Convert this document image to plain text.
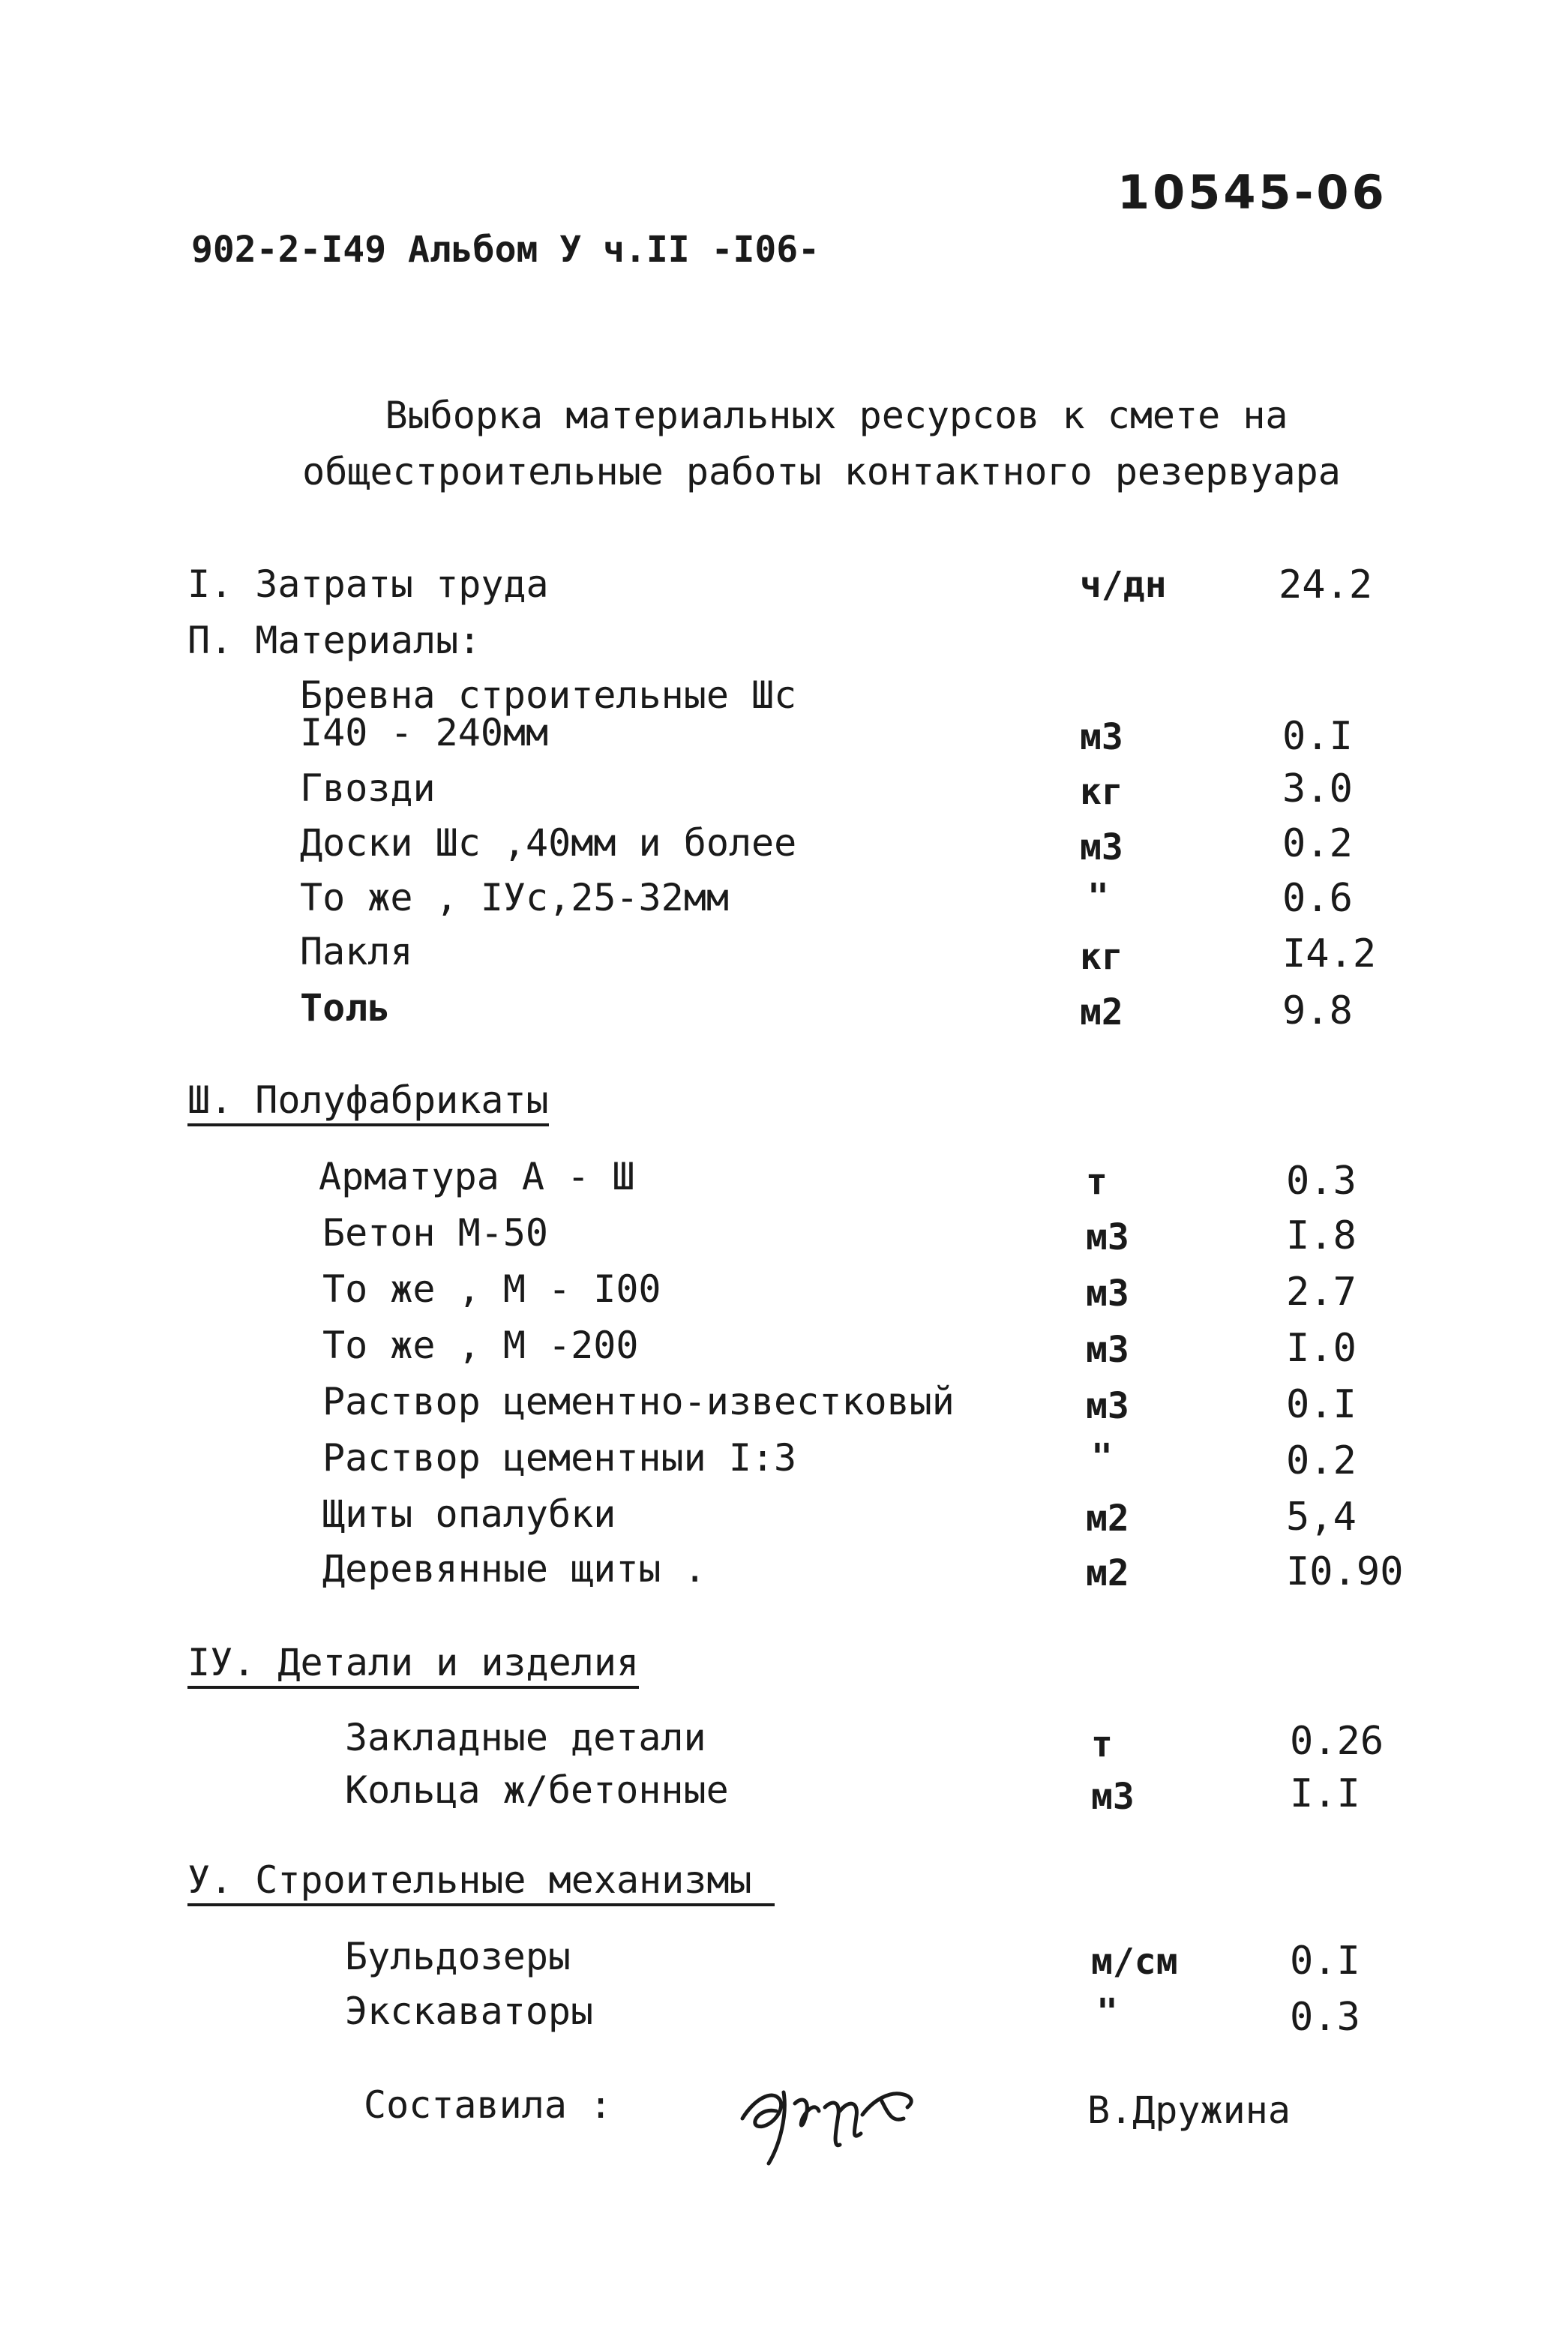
10545-06
902-2-I49 Альбом У ч.II -I06-
Выборка материальных ресурсов к смете на
общестроительные работы контактного резервуара
I. Затраты труда	ч/дн	24.2
П. Материалы:
Бревна строительные Шс
I40 - 240мм	м3	0.I
Гвозди	кг	3.0
Доски Шс ,40мм и более	м3	0.2
То же , IУс,25-32мм	"	0.6
Пакля	кг	I4.2
Толь	м2	9.8
Ш. Полуфабрикаты
Арматура А - Ш	т	0.3
Бетон М-50	м3	I.8
То же , М - I00	м3	2.7
То же , М -200	м3	I.0
Раствор цементно-известковый	м3	0.I
Раствор цементныи I:3	"	0.2
Щиты опалубки	м2	5,4
Деревянные щиты .	м2	I0.90
IУ. Детали и изделия
Закладные детали	т	0.26
Кольца ж/бетонные	м3	I.I
У. Строительные механизмы
Бульдозеры	м/см	0.I
Экскаваторы	"	0.3
Составила :	В.Дружина
